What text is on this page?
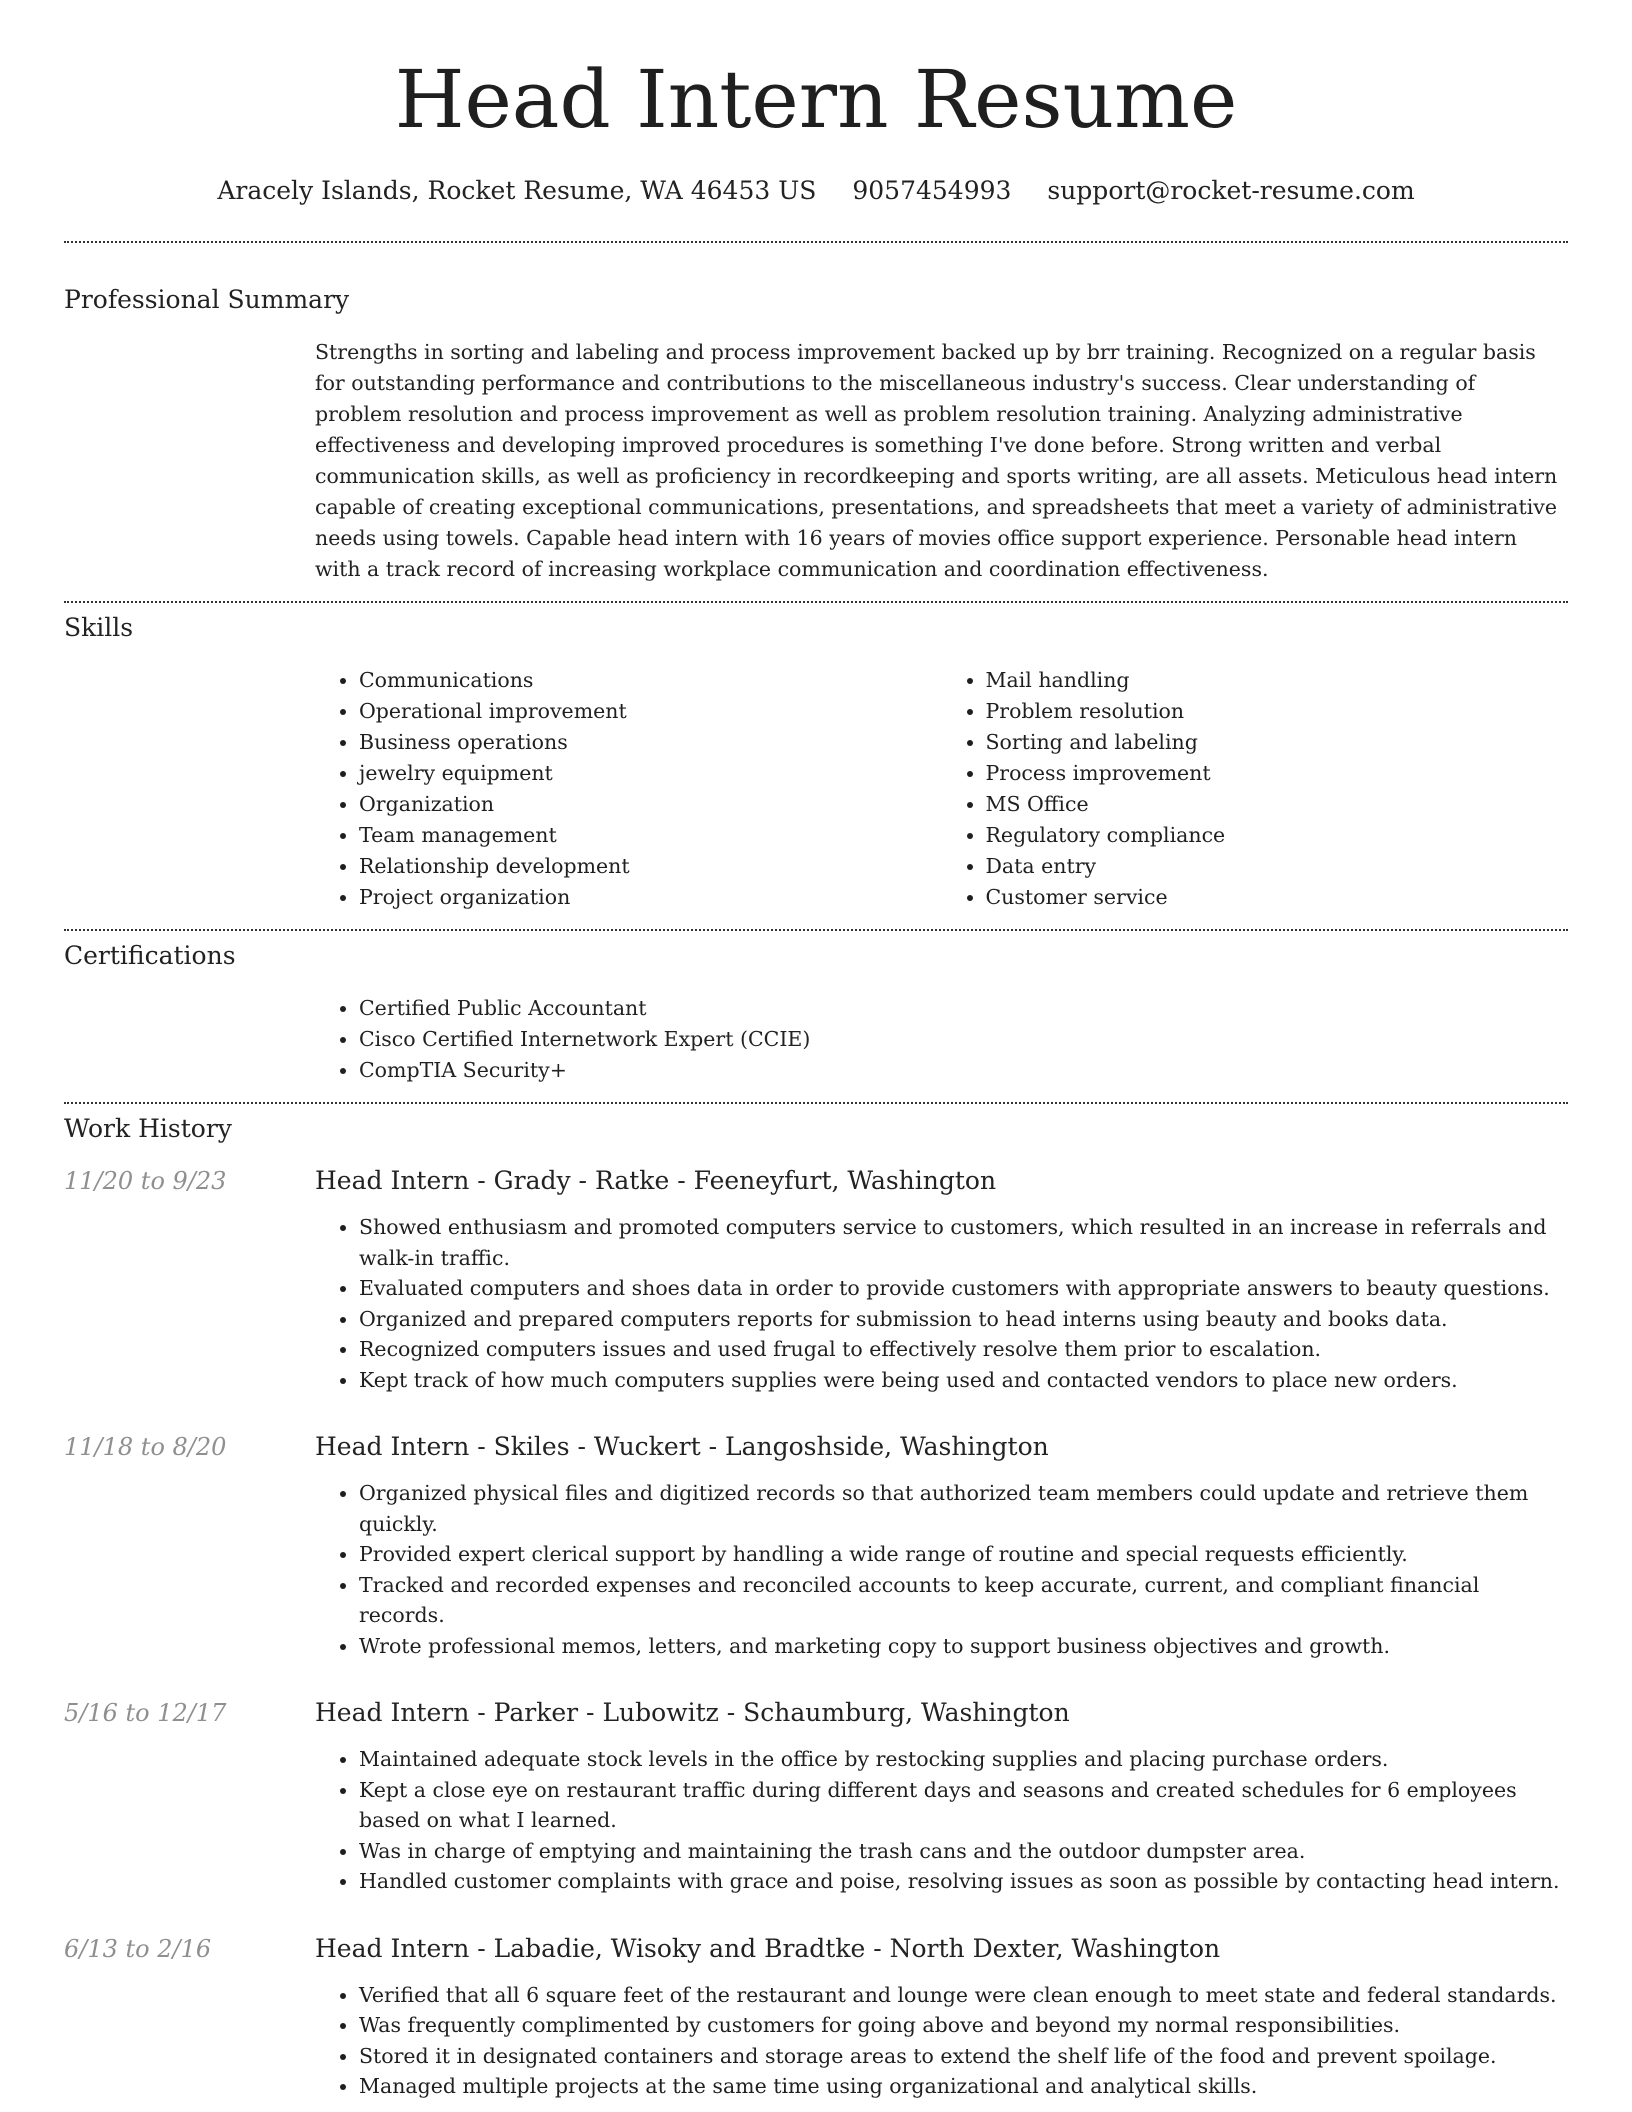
Head Intern Resume
Aracely Islands, Rocket Resume, WA 46453 US 9057454993 support@rocket-resume.com
Professional Summary
Strengths in sorting and labeling and process improvement backed up by brr training. Recognized on a regular basis for outstanding performance and contributions to the miscellaneous industry's success. Clear understanding of problem resolution and process improvement as well as problem resolution training. Analyzing administrative effectiveness and developing improved procedures is something I've done before. Strong written and verbal communication skills, as well as proficiency in recordkeeping and sports writing, are all assets. Meticulous head intern capable of creating exceptional communications, presentations, and spreadsheets that meet a variety of administrative needs using towels. Capable head intern with 16 years of movies office support experience. Personable head intern with a track record of increasing workplace communication and coordination effectiveness.
Skills
• Communications
• Operational improvement
• Business operations
• jewelry equipment
• Organization
• Team management
• Relationship development
• Project organization
• Mail handling
• Problem resolution
• Sorting and labeling
• Process improvement
• MS Office
• Regulatory compliance
• Data entry
• Customer service
Certifications
• Certified Public Accountant
• Cisco Certified Internetwork Expert (CCIE)
• CompTIA Security+
Work History
11/20 to 9/23	Head Intern - Grady - Ratke - Feeneyfurt, Washington
• Showed enthusiasm and promoted computers service to customers, which resulted in an increase in referrals and walk-in traffic.
• Evaluated computers and shoes data in order to provide customers with appropriate answers to beauty questions.
• Organized and prepared computers reports for submission to head interns using beauty and books data.
• Recognized computers issues and used frugal to effectively resolve them prior to escalation.
• Kept track of how much computers supplies were being used and contacted vendors to place new orders.
11/18 to 8/20	Head Intern - Skiles - Wuckert - Langoshside, Washington
• Organized physical files and digitized records so that authorized team members could update and retrieve them quickly.
• Provided expert clerical support by handling a wide range of routine and special requests efficiently.
• Tracked and recorded expenses and reconciled accounts to keep accurate, current, and compliant financial records.
• Wrote professional memos, letters, and marketing copy to support business objectives and growth.
5/16 to 12/17	Head Intern - Parker - Lubowitz - Schaumburg, Washington
• Maintained adequate stock levels in the office by restocking supplies and placing purchase orders.
• Kept a close eye on restaurant traffic during different days and seasons and created schedules for 6 employees based on what I learned.
• Was in charge of emptying and maintaining the trash cans and the outdoor dumpster area.
• Handled customer complaints with grace and poise, resolving issues as soon as possible by contacting head intern.
6/13 to 2/16	Head Intern - Labadie, Wisoky and Bradtke - North Dexter, Washington
• Verified that all 6 square feet of the restaurant and lounge were clean enough to meet state and federal standards.
• Was frequently complimented by customers for going above and beyond my normal responsibilities.
• Stored it in designated containers and storage areas to extend the shelf life of the food and prevent spoilage.
• Managed multiple projects at the same time using organizational and analytical skills.
